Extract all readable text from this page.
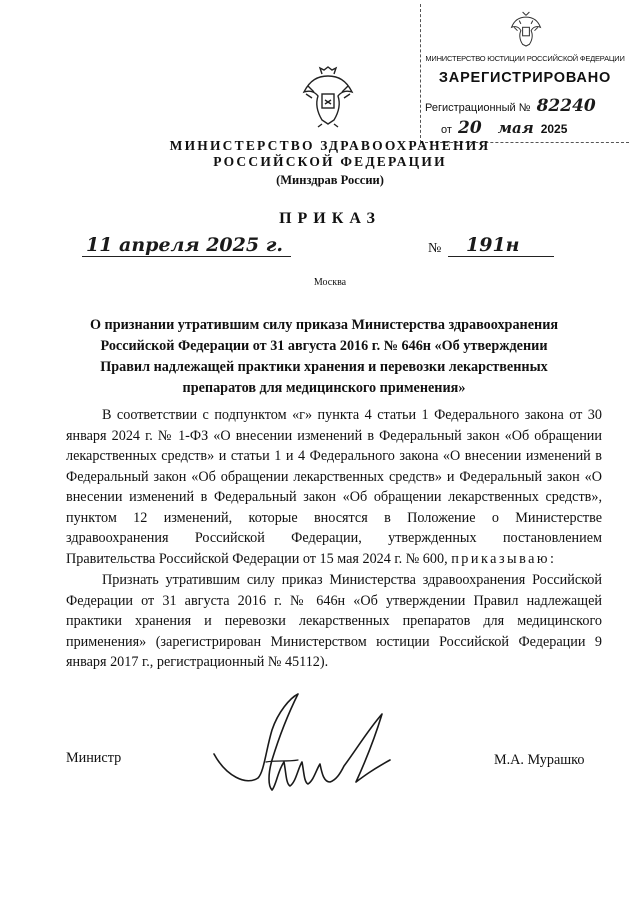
МИНИСТЕРСТВО ЮСТИЦИИ РОССИЙСКОЙ ФЕДЕРАЦИИ
ЗАРЕГИСТРИРОВАНО
Регистрационный № 82240
от 20 мая 2025
МИНИСТЕРСТВО ЗДРАВООХРАНЕНИЯ
РОССИЙСКОЙ ФЕДЕРАЦИИ
(Минздрав России)
ПРИКАЗ
11 апреля 2025 г.	№	191н
Москва
О признании утратившим силу приказа Министерства здравоохранения Российской Федерации от 31 августа 2016 г. № 646н «Об утверждении Правил надлежащей практики хранения и перевозки лекарственных препаратов для медицинского применения»

В соответствии с подпунктом «г» пункта 4 статьи 1 Федерального закона от 30 января 2024 г. № 1-ФЗ «О внесении изменений в Федеральный закон «Об обращении лекарственных средств» и статьи 1 и 4 Федерального закона «О внесении изменений в Федеральный закон «Об обращении лекарственных средств» и Федеральный закон «О внесении изменений в Федеральный закон «Об обращении лекарственных средств», пунктом 12 изменений, которые вносятся в Положение о Министерстве здравоохранения Российской Федерации, утвержденных постановлением Правительства Российской Федерации от 15 мая 2024 г. № 600, приказываю:

Признать утратившим силу приказ Министерства здравоохранения Российской Федерации от 31 августа 2016 г. № 646н «Об утверждении Правил надлежащей практики хранения и перевозки лекарственных препаратов для медицинского применения» (зарегистрирован Министерством юстиции Российской Федерации 9 января 2017 г., регистрационный № 45112).

Министр	М.А. Мурашко
